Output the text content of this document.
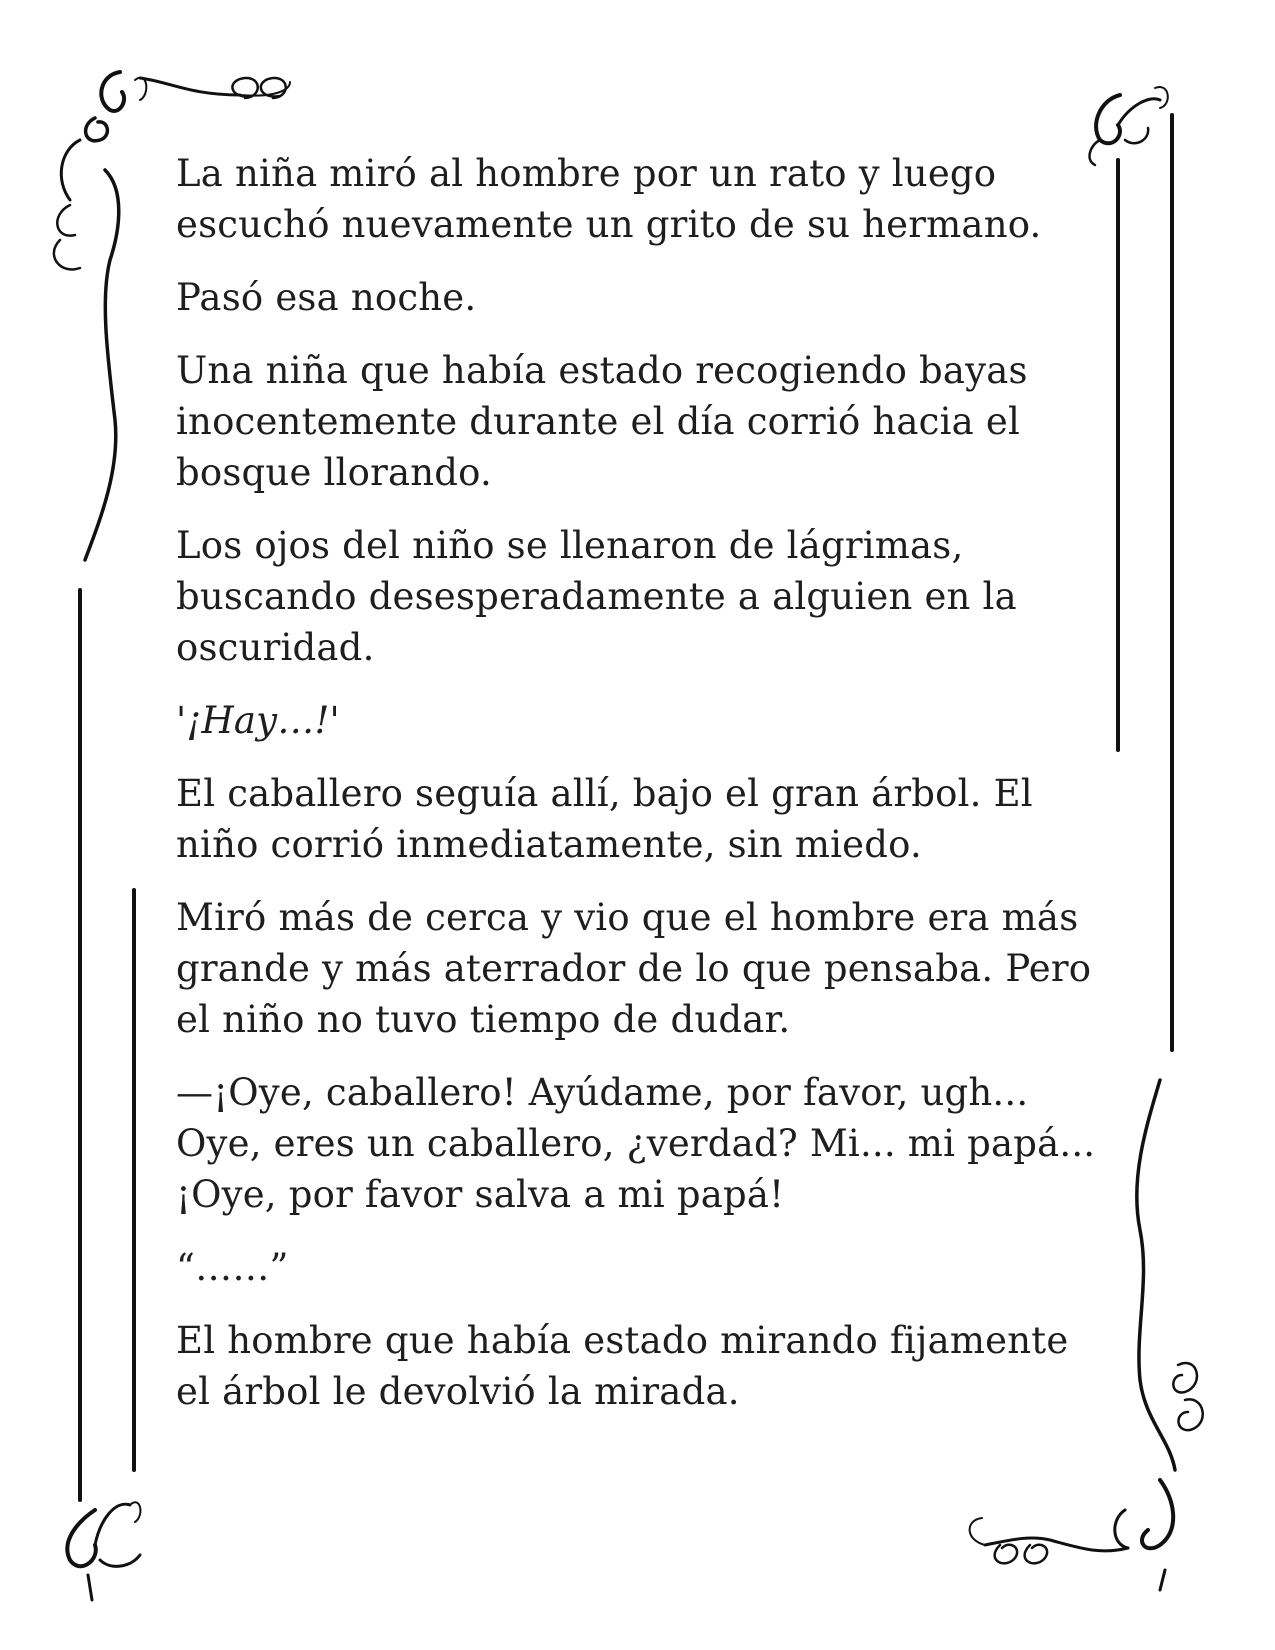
La niña miró al hombre por un rato y luego
escuchó nuevamente un grito de su hermano.

Pasó esa noche.

Una niña que había estado recogiendo bayas
inocentemente durante el día corrió hacia el
bosque llorando.

Los ojos del niño se llenaron de lágrimas,
buscando desesperadamente a alguien en la
oscuridad.

'¡Hay…!'

El caballero seguía allí, bajo el gran árbol. El
niño corrió inmediatamente, sin miedo.

Miró más de cerca y vio que el hombre era más
grande y más aterrador de lo que pensaba. Pero
el niño no tuvo tiempo de dudar.

—¡Oye, caballero! Ayúdame, por favor, ugh...
Oye, eres un caballero, ¿verdad? Mi... mi papá...
¡Oye, por favor salva a mi papá!

“……”

El hombre que había estado mirando fijamente
el árbol le devolvió la mirada.
